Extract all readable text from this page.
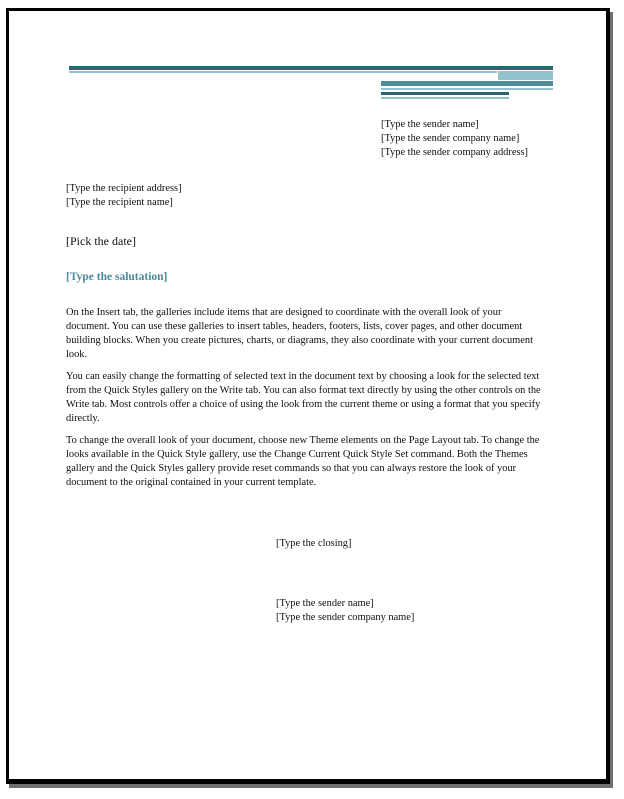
[Type the sender name]
[Type the sender company name]
[Type the sender company address]
[Type the recipient address]
[Type the recipient name]
[Pick the date]
[Type the salutation]
On the Insert tab, the galleries include items that are designed to coordinate with the overall look of your
document. You can use these galleries to insert tables, headers, footers, lists, cover pages, and other document
building blocks. When you create pictures, charts, or diagrams, they also coordinate with your current document
look.
You can easily change the formatting of selected text in the document text by choosing a look for the selected text
from the Quick Styles gallery on the Write tab. You can also format text directly by using the other controls on the
Write tab. Most controls offer a choice of using the look from the current theme or using a format that you specify
directly.
To change the overall look of your document, choose new Theme elements on the Page Layout tab. To change the
looks available in the Quick Style gallery, use the Change Current Quick Style Set command. Both the Themes
gallery and the Quick Styles gallery provide reset commands so that you can always restore the look of your
document to the original contained in your current template.
[Type the closing]
[Type the sender name]
[Type the sender company name]
